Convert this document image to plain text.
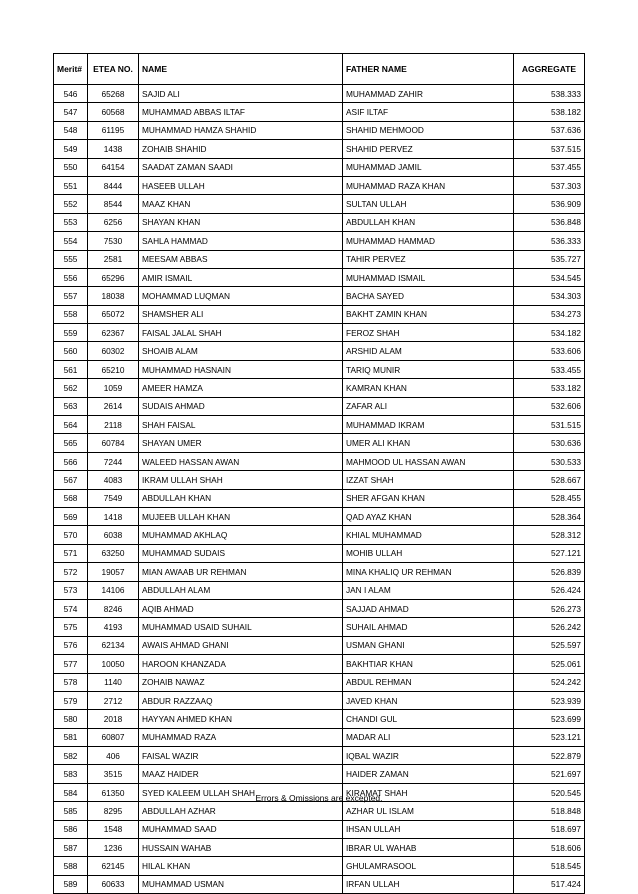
Merit#	ETEA NO.	NAME	FATHER NAME	AGGREGATE
546	65268	SAJID ALI	MUHAMMAD ZAHIR	538.333
547	60568	MUHAMMAD ABBAS ILTAF	ASIF ILTAF	538.182
548	61195	MUHAMMAD HAMZA SHAHID	SHAHID MEHMOOD	537.636
549	1438	ZOHAIB SHAHID	SHAHID PERVEZ	537.515
550	64154	SAADAT ZAMAN SAADI	MUHAMMAD JAMIL	537.455
551	8444	HASEEB ULLAH	MUHAMMAD RAZA KHAN	537.303
552	8544	MAAZ KHAN	SULTAN ULLAH	536.909
553	6256	SHAYAN KHAN	ABDULLAH KHAN	536.848
554	7530	SAHLA HAMMAD	MUHAMMAD HAMMAD	536.333
555	2581	MEESAM ABBAS	TAHIR PERVEZ	535.727
556	65296	AMIR ISMAIL	MUHAMMAD ISMAIL	534.545
557	18038	MOHAMMAD LUQMAN	BACHA SAYED	534.303
558	65072	SHAMSHER ALI	BAKHT ZAMIN KHAN	534.273
559	62367	FAISAL JALAL SHAH	FEROZ SHAH	534.182
560	60302	SHOAIB ALAM	ARSHID ALAM	533.606
561	65210	MUHAMMAD HASNAIN	TARIQ MUNIR	533.455
562	1059	AMEER HAMZA	KAMRAN KHAN	533.182
563	2614	SUDAIS AHMAD	ZAFAR ALI	532.606
564	2118	SHAH FAISAL	MUHAMMAD IKRAM	531.515
565	60784	SHAYAN UMER	UMER ALI KHAN	530.636
566	7244	WALEED HASSAN AWAN	MAHMOOD UL HASSAN AWAN	530.533
567	4083	IKRAM ULLAH SHAH	IZZAT SHAH	528.667
568	7549	ABDULLAH KHAN	SHER AFGAN KHAN	528.455
569	1418	MUJEEB ULLAH KHAN	QAD AYAZ KHAN	528.364
570	6038	MUHAMMAD AKHLAQ	KHIAL MUHAMMAD	528.312
571	63250	MUHAMMAD SUDAIS	MOHIB ULLAH	527.121
572	19057	MIAN AWAAB UR REHMAN	MINA KHALIQ UR REHMAN	526.839
573	14106	ABDULLAH ALAM	JAN I ALAM	526.424
574	8246	AQIB AHMAD	SAJJAD AHMAD	526.273
575	4193	MUHAMMAD USAID SUHAIL	SUHAIL AHMAD	526.242
576	62134	AWAIS AHMAD GHANI	USMAN GHANI	525.597
577	10050	HAROON KHANZADA	BAKHTIAR KHAN	525.061
578	1140	ZOHAIB NAWAZ	ABDUL REHMAN	524.242
579	2712	ABDUR RAZZAAQ	JAVED KHAN	523.939
580	2018	HAYYAN AHMED KHAN	CHANDI GUL	523.699
581	60807	MUHAMMAD RAZA	MADAR ALI	523.121
582	406	FAISAL WAZIR	IQBAL WAZIR	522.879
583	3515	MAAZ HAIDER	HAIDER ZAMAN	521.697
584	61350	SYED KALEEM ULLAH SHAH	KIRAMAT SHAH	520.545
585	8295	ABDULLAH AZHAR	AZHAR UL ISLAM	518.848
586	1548	MUHAMMAD SAAD	IHSAN ULLAH	518.697
587	1236	HUSSAIN WAHAB	IBRAR UL WAHAB	518.606
588	62145	HILAL KHAN	GHULAMRASOOL	518.545
589	60633	MUHAMMAD USMAN	IRFAN ULLAH	517.424
Errors & Omissions are excepted.
